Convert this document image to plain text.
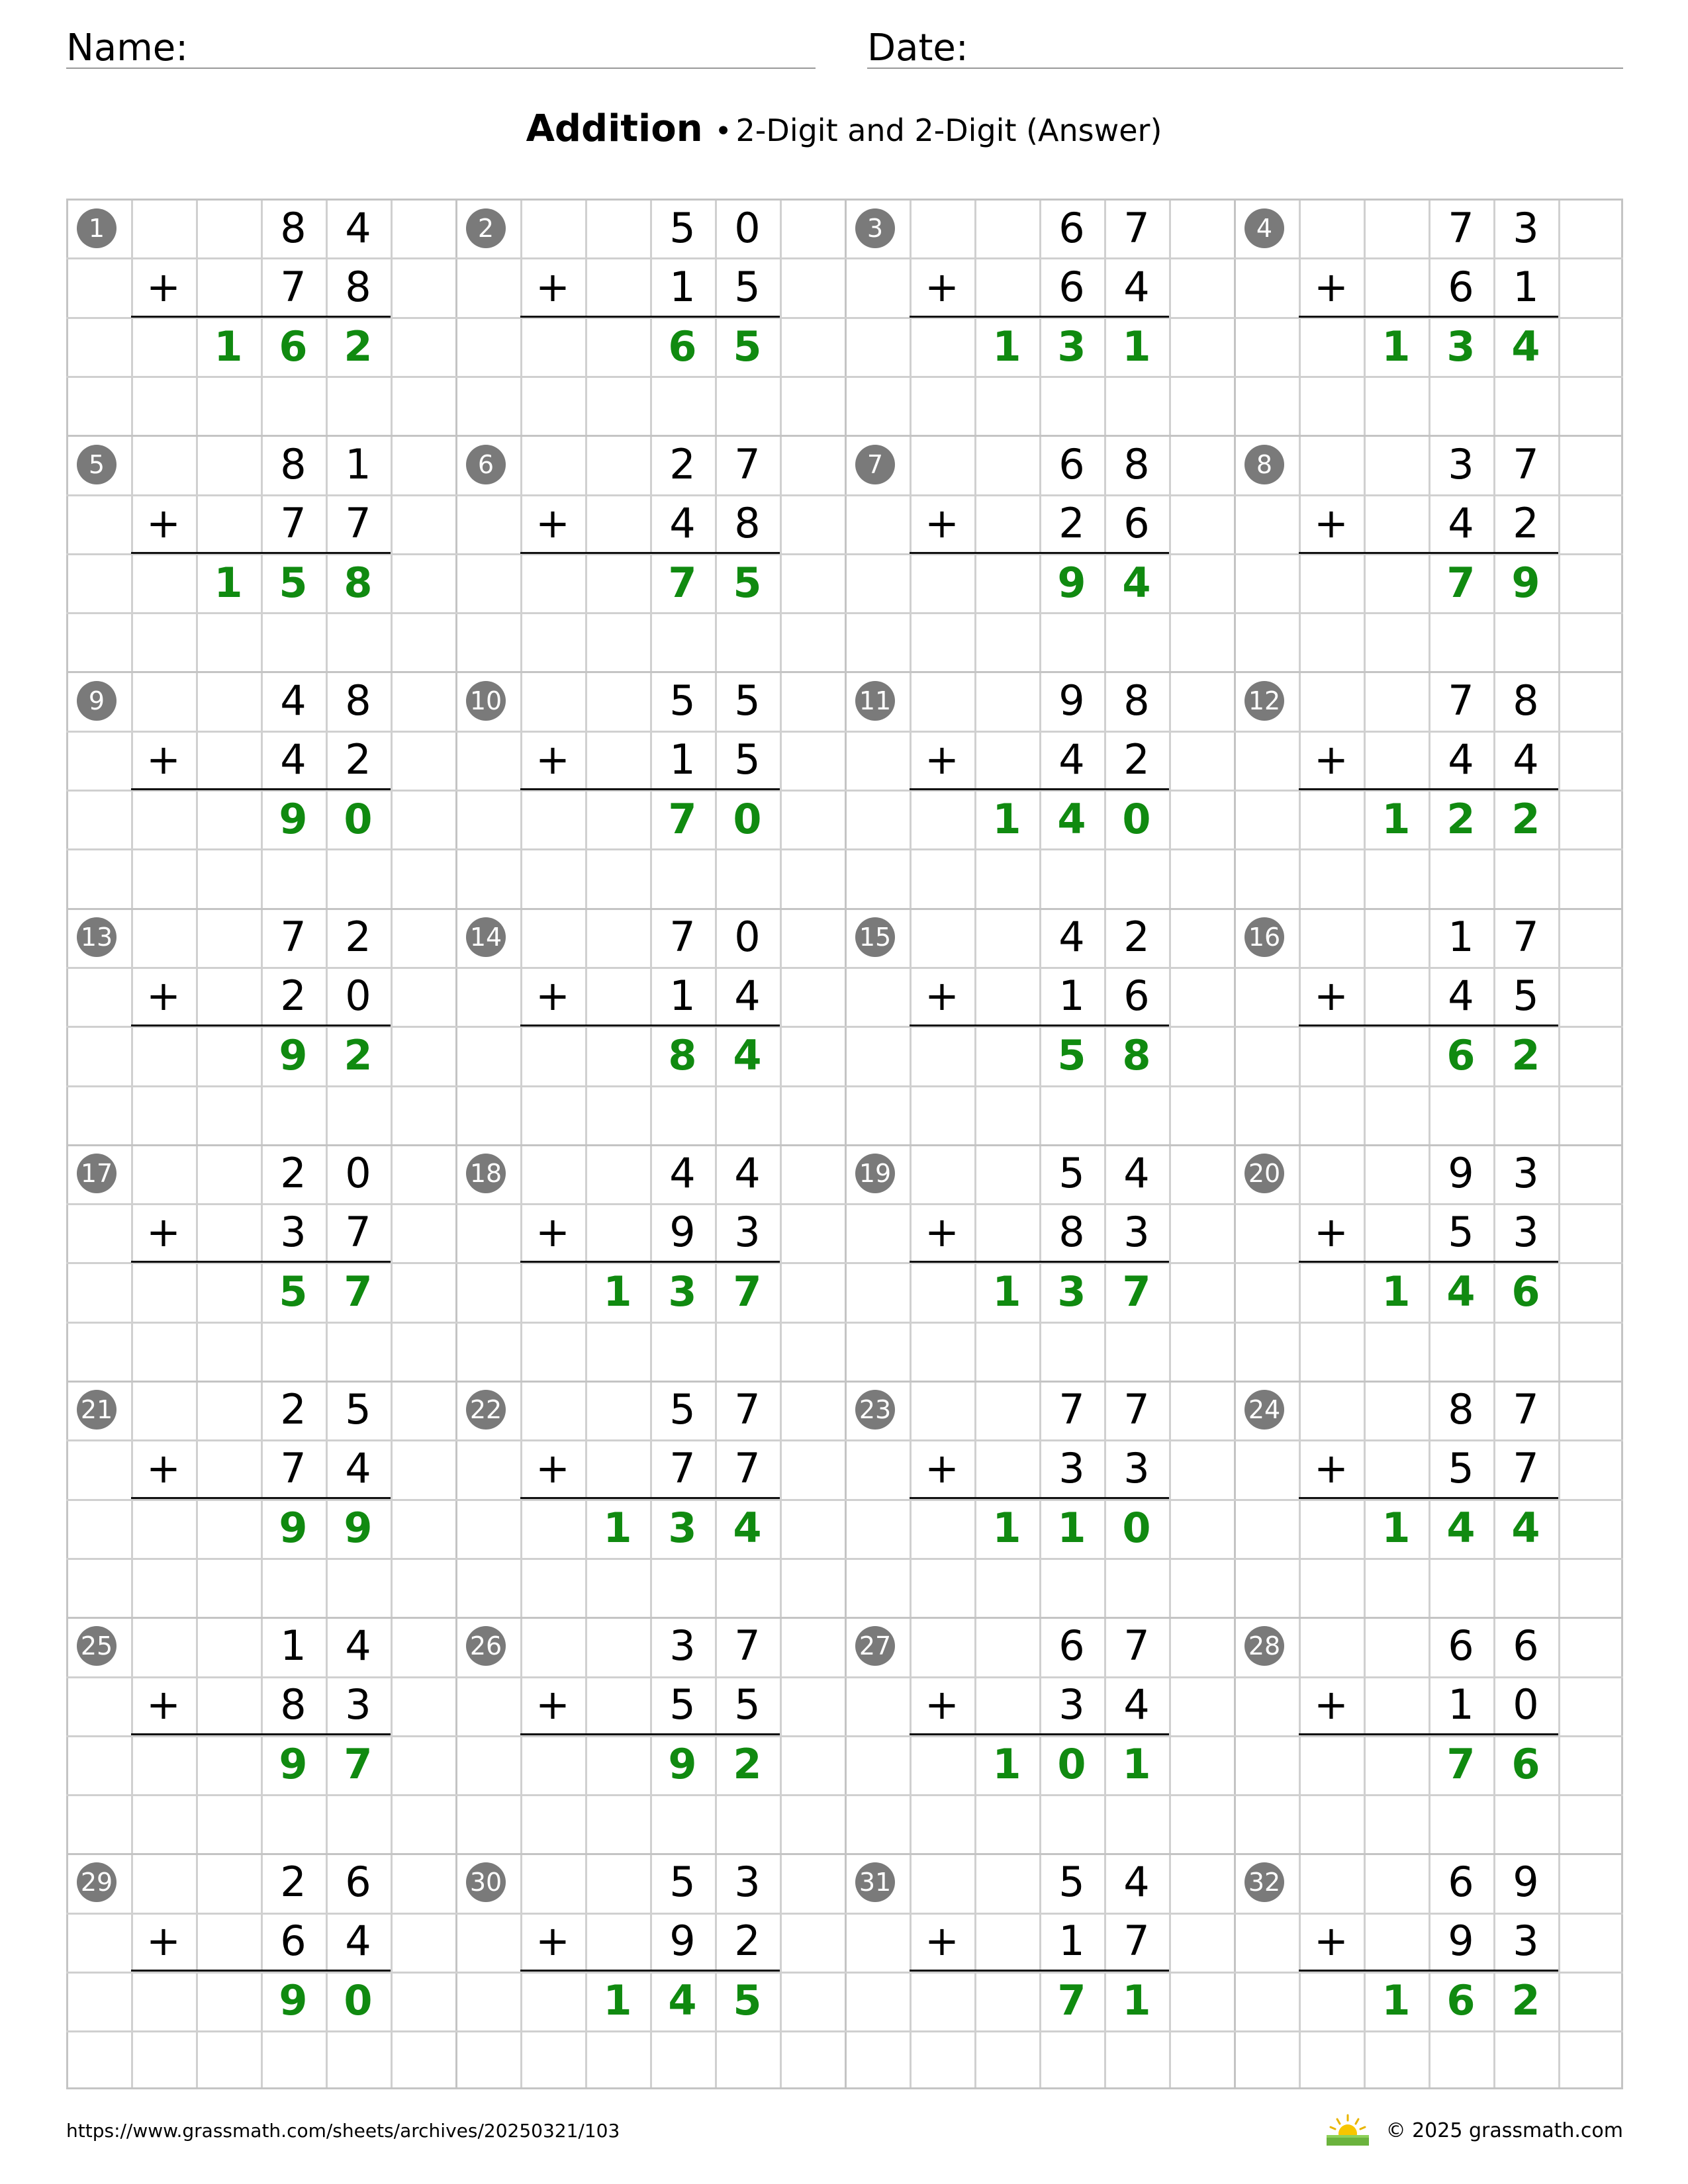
Name:	Date:
Addition • 2-Digit and 2-Digit (Answer)
1	8 4
7 8
+
1 6 2
2	5 0
1 5
+
6 5
3	6 7
6 4
+
1 3 1
4	7 3
6 1
+
1 3 4
5	8 1
7 7
+
1 5 8
6	2 7
4 8
+
7 5
7	6 8
2 6
+
9 4
8	3 7
4 2
+
7 9
9	4 8
4 2
+
9 0
10	5 5
1 5
+
7 0
11	9 8
4 2
+
1 4 0
12	7 8
4 4
+
1 2 2
13	7 2
2 0
+
9 2
14	7 0
1 4
+
8 4
15	4 2
1 6
+
5 8
16	1 7
4 5
+
6 2
17	2 0
3 7
+
5 7
18	4 4
9 3
+
1 3 7
19	5 4
8 3
+
1 3 7
20	9 3
5 3
+
1 4 6
21	2 5
7 4
+
9 9
22	5 7
7 7
+
1 3 4
23	7 7
3 3
+
1 1 0
24	8 7
5 7
+
1 4 4
25	1 4
8 3
+
9 7
26	3 7
5 5
+
9 2
27	6 7
3 4
+
1 0 1
28	6 6
1 0
+
7 6
29	2 6
6 4
+
9 0
30	5 3
9 2
+
1 4 5
31	5 4
1 7
+
7 1
32	6 9
9 3
+
1 6 2
https://www.grassmath.com/sheets/archives/20250321/103	© 2025 grassmath.com
